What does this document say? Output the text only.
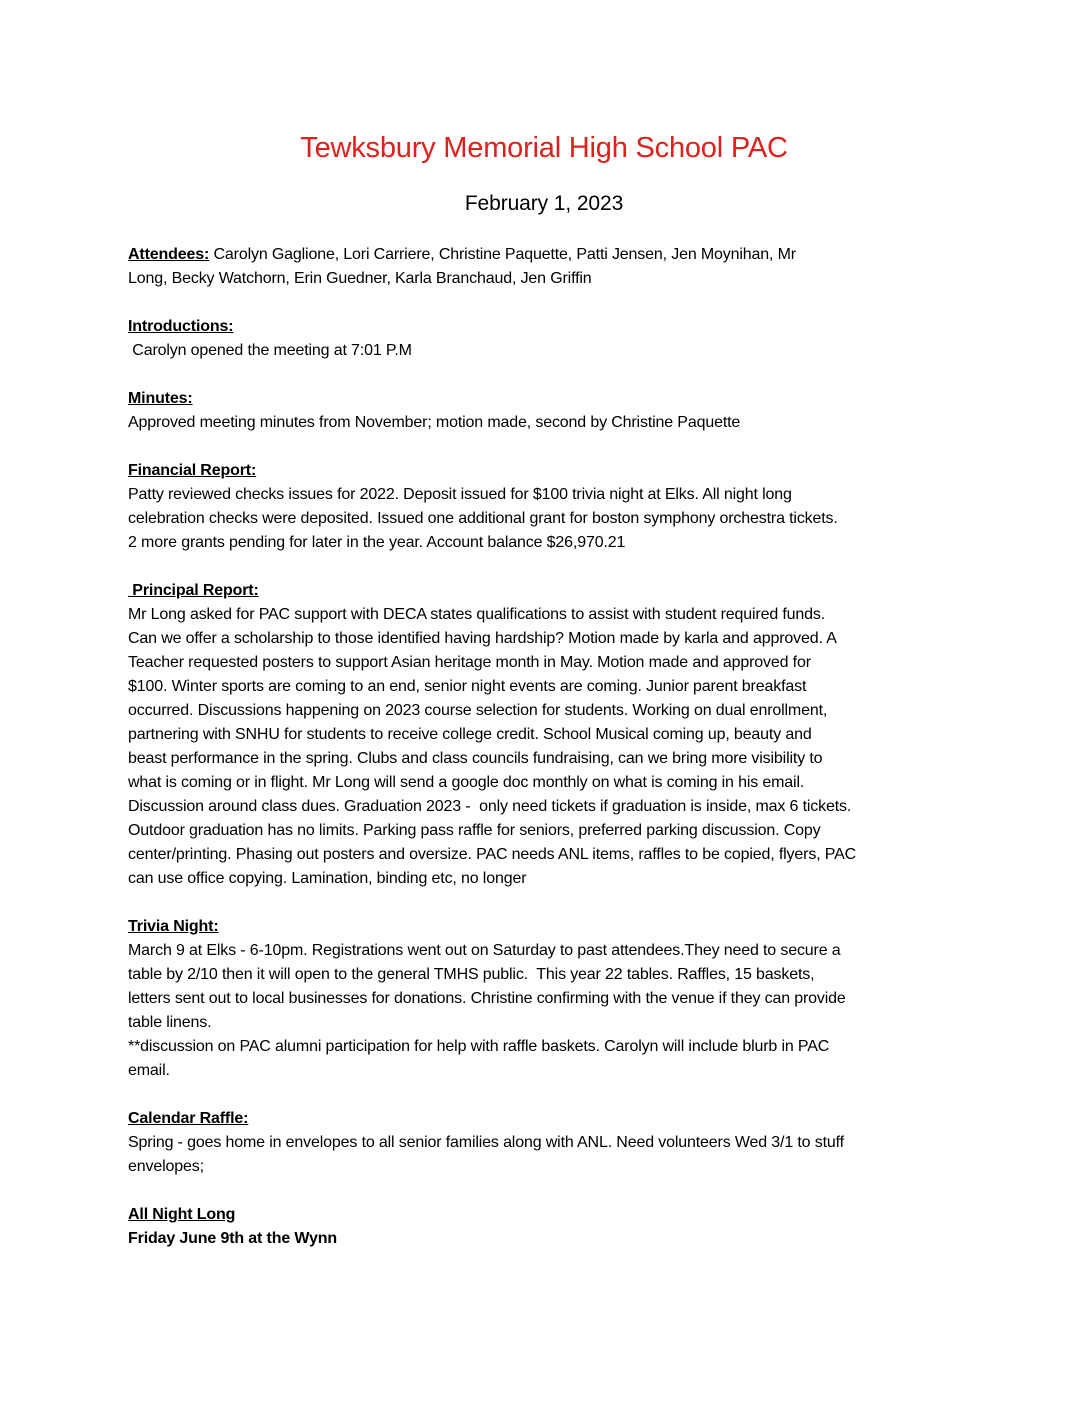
Tewksbury Memorial High School PAC
February 1, 2023
Attendees: Carolyn Gaglione, Lori Carriere, Christine Paquette, Patti Jensen, Jen Moynihan, Mr
Long, Becky Watchorn, Erin Guedner, Karla Branchaud, Jen Griffin
Introductions:
Carolyn opened the meeting at 7:01 P.M
Minutes:
Approved meeting minutes from November; motion made, second by Christine Paquette
Financial Report:
Patty reviewed checks issues for 2022. Deposit issued for $100 trivia night at Elks. All night long
celebration checks were deposited. Issued one additional grant for boston symphony orchestra tickets.
2 more grants pending for later in the year. Account balance $26,970.21
Principal Report:
Mr Long asked for PAC support with DECA states qualifications to assist with student required funds.
Can we offer a scholarship to those identified having hardship? Motion made by karla and approved. A
Teacher requested posters to support Asian heritage month in May. Motion made and approved for
$100. Winter sports are coming to an end, senior night events are coming. Junior parent breakfast
occurred. Discussions happening on 2023 course selection for students. Working on dual enrollment,
partnering with SNHU for students to receive college credit. School Musical coming up, beauty and
beast performance in the spring. Clubs and class councils fundraising, can we bring more visibility to
what is coming or in flight. Mr Long will send a google doc monthly on what is coming in his email.
Discussion around class dues. Graduation 2023 -  only need tickets if graduation is inside, max 6 tickets.
Outdoor graduation has no limits. Parking pass raffle for seniors, preferred parking discussion. Copy
center/printing. Phasing out posters and oversize. PAC needs ANL items, raffles to be copied, flyers, PAC
can use office copying. Lamination, binding etc, no longer
Trivia Night:
March 9 at Elks - 6-10pm. Registrations went out on Saturday to past attendees.They need to secure a
table by 2/10 then it will open to the general TMHS public.  This year 22 tables. Raffles, 15 baskets,
letters sent out to local businesses for donations. Christine confirming with the venue if they can provide
table linens.
**discussion on PAC alumni participation for help with raffle baskets. Carolyn will include blurb in PAC
email.
Calendar Raffle:
Spring - goes home in envelopes to all senior families along with ANL. Need volunteers Wed 3/1 to stuff
envelopes;
All Night Long
Friday June 9th at the Wynn
